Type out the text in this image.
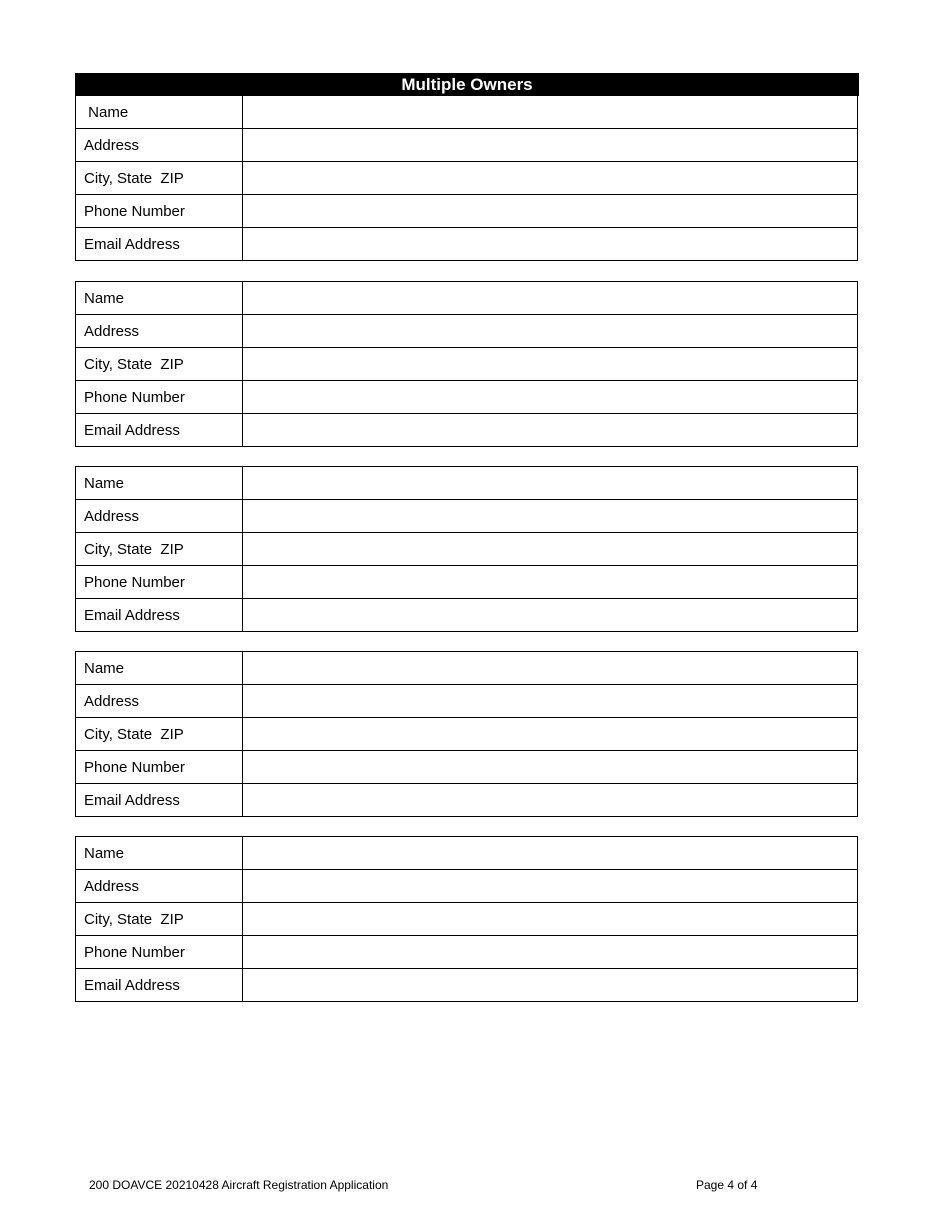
Multiple Owners
Name	
Address	
City, State  ZIP	
Phone Number	
Email Address	
Name	
Address	
City, State  ZIP	
Phone Number	
Email Address	
Name	
Address	
City, State  ZIP	
Phone Number	
Email Address	
Name	
Address	
City, State  ZIP	
Phone Number	
Email Address	
Name	
Address	
City, State  ZIP	
Phone Number	
Email Address	
200 DOAVCE 20210428 Aircraft Registration Application	Page 4 of 4
